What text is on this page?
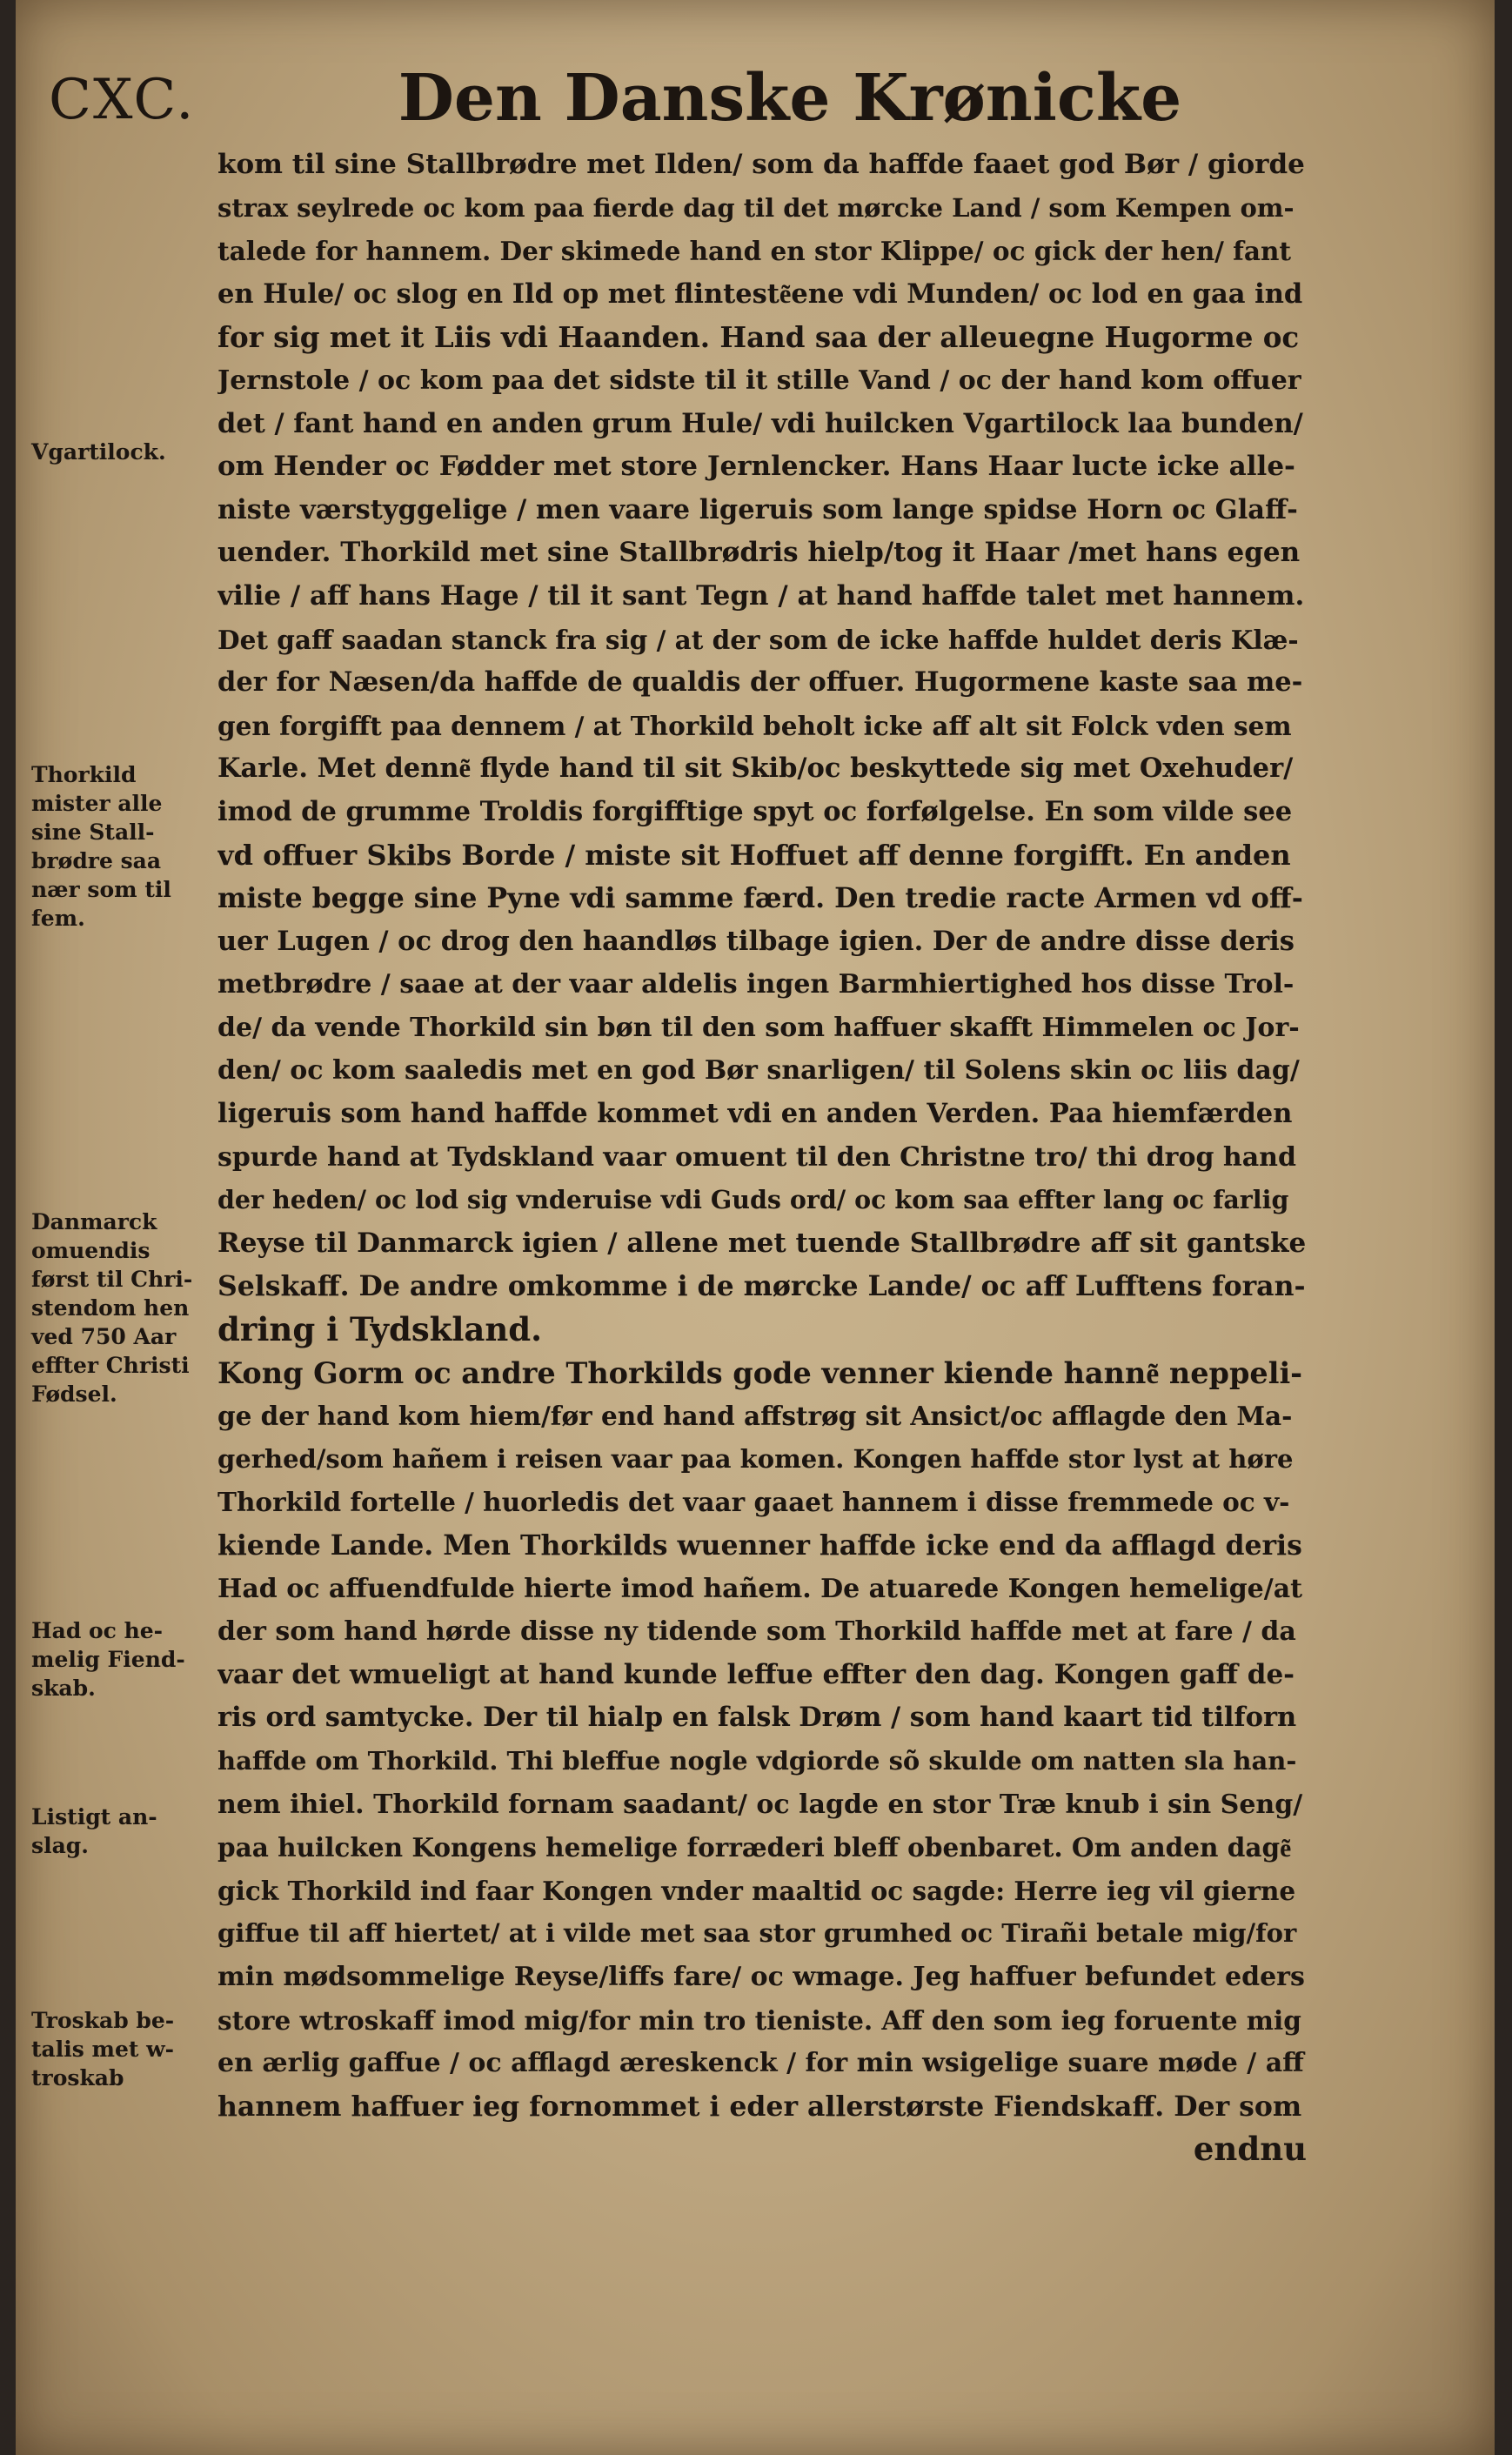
CXC.	Den Danske Krønicke
kom til sine Stallbrødre met Ilden/ som da haffde faaet god Bør / giorde
strax seylrede oc kom paa fierde dag til det mørcke Land / som Kempen om-
talede for hannem. Der skimede hand en stor Klippe/ oc gick der hen/ fant
en Hule/ oc slog en Ild op met flinteste͂ene vdi Munden/ oc lod en gaa ind
for sig met it Liis vdi Haanden. Hand saa der alleuegne Hugorme oc
Jernstole / oc kom paa det sidste til it stille Vand / oc der hand kom offuer
det / fant hand en anden grum Hule/ vdi huilcken Vgartilock laa bunden/
om Hender oc Fødder met store Jernlencker. Hans Haar lucte icke alle-
niste værstyggelige / men vaare ligeruis som lange spidse Horn oc Glaff-
uender. Thorkild met sine Stallbrødris hielp/tog it Haar /met hans egen
vilie / aff hans Hage / til it sant Tegn / at hand haffde talet met hannem.
Det gaff saadan stanck fra sig / at der som de icke haffde huldet deris Klæ-
der for Næsen/da haffde de qualdis der offuer. Hugormene kaste saa me-
gen forgifft paa dennem / at Thorkild beholt icke aff alt sit Folck vden sem
Karle. Met denne͂ flyde hand til sit Skib/oc beskyttede sig met Oxehuder/
imod de grumme Troldis forgifftige spyt oc forfølgelse. En som vilde see
vd offuer Skibs Borde / miste sit Hoffuet aff denne forgifft. En anden
miste begge sine Pyne vdi samme færd. Den tredie racte Armen vd off-
uer Lugen / oc drog den haandløs tilbage igien. Der de andre disse deris
metbrødre / saae at der vaar aldelis ingen Barmhiertighed hos disse Trol-
de/ da vende Thorkild sin bøn til den som haffuer skafft Himmelen oc Jor-
den/ oc kom saaledis met en god Bør snarligen/ til Solens skin oc liis dag/
ligeruis som hand haffde kommet vdi en anden Verden. Paa hiemfærden
spurde hand at Tydskland vaar omuent til den Christne tro/ thi drog hand
der heden/ oc lod sig vnderuise vdi Guds ord/ oc kom saa effter lang oc farlig
Reyse til Danmarck igien / allene met tuende Stallbrødre aff sit gantske
Selskaff. De andre omkomme i de mørcke Lande/ oc aff Lufftens foran-
dring i Tydskland.
Kong Gorm oc andre Thorkilds gode venner kiende hanne͂ neppeli-
ge der hand kom hiem/før end hand affstrøg sit Ansict/oc afflagde den Ma-
gerhed/som hañem i reisen vaar paa komen. Kongen haffde stor lyst at høre
Thorkild fortelle / huorledis det vaar gaaet hannem i disse fremmede oc v-
kiende Lande. Men Thorkilds wuenner haffde icke end da afflagd deris
Had oc affuendfulde hierte imod hañem. De atuarede Kongen hemelige/at
der som hand hørde disse ny tidende som Thorkild haffde met at fare / da
vaar det wmueligt at hand kunde leffue effter den dag. Kongen gaff de-
ris ord samtycke. Der til hialp en falsk Drøm / som hand kaart tid tilforn
haffde om Thorkild. Thi bleffue nogle vdgiorde sõ skulde om natten sla han-
nem ihiel. Thorkild fornam saadant/ oc lagde en stor Træ knub i sin Seng/
paa huilcken Kongens hemelige forræderi bleff obenbaret. Om anden dage͂
gick Thorkild ind faar Kongen vnder maaltid oc sagde: Herre ieg vil gierne
giffue til aff hiertet/ at i vilde met saa stor grumhed oc Tirañi betale mig/for
min mødsommelige Reyse/liffs fare/ oc wmage. Jeg haffuer befundet eders
store wtroskaff imod mig/for min tro tieniste. Aff den som ieg foruente mig
en ærlig gaffue / oc afflagd æreskenck / for min wsigelige suare møde / aff
hannem haffuer ieg fornommet i eder allerstørste Fiendskaff. Der som
endnu
Vgartilock.
Thorkild
mister alle
sine Stall-
brødre saa
nær som til
fem.
Danmarck
omuendis
først til Chri-
stendom hen
ved 750 Aar
effter Christi
Fødsel.
Had oc he-
melig Fiend-
skab.
Listigt an-
slag.
Troskab be-
talis met w-
troskab
